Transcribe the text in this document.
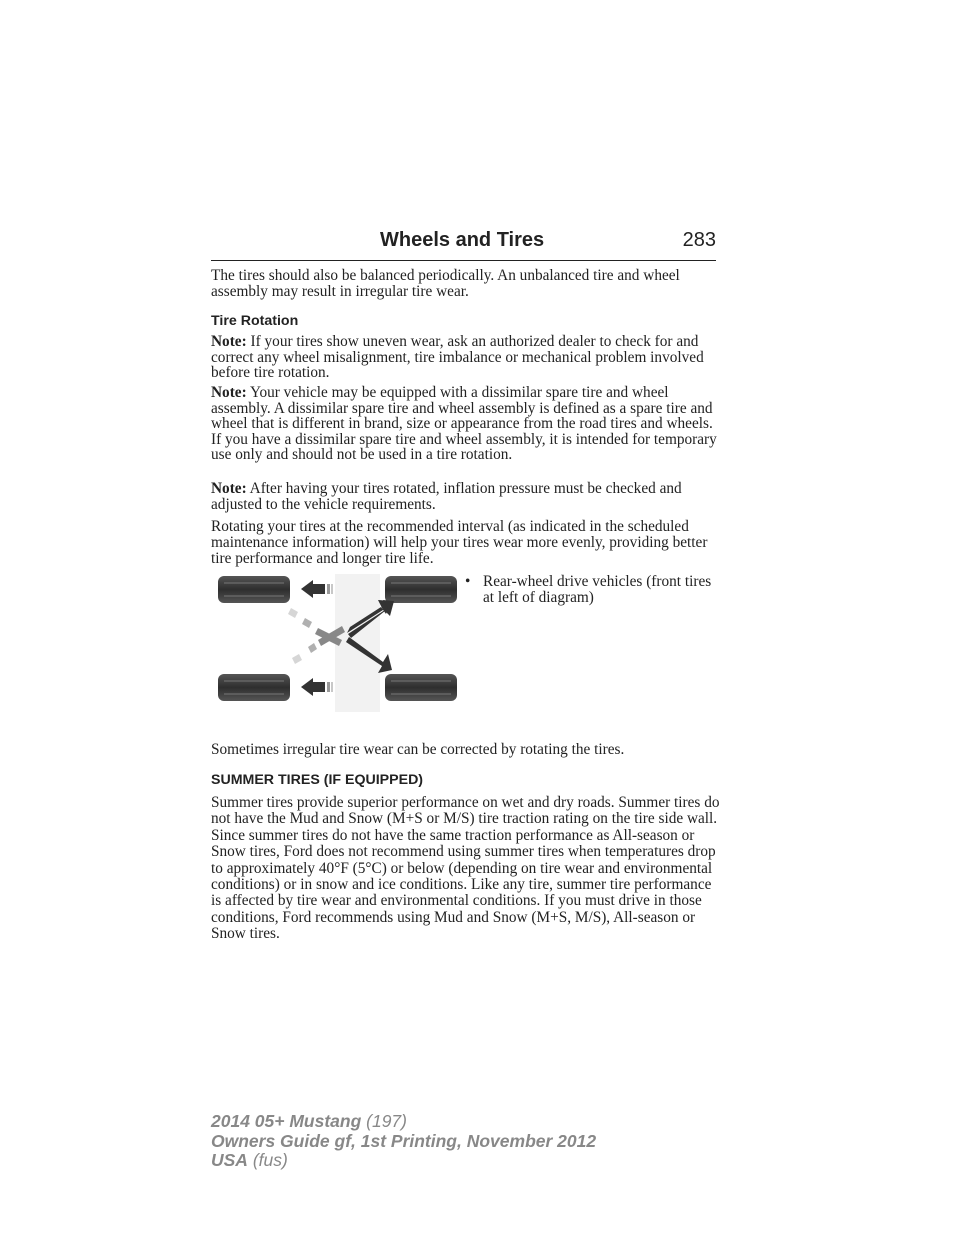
Wheels and Tires	283

The tires should also be balanced periodically. An unbalanced tire and wheel assembly may result in irregular tire wear.

Tire Rotation

Note: If your tires show uneven wear, ask an authorized dealer to check for and correct any wheel misalignment, tire imbalance or mechanical problem involved before tire rotation.

Note: Your vehicle may be equipped with a dissimilar spare tire and wheel assembly. A dissimilar spare tire and wheel assembly is defined as a spare tire and wheel that is different in brand, size or appearance from the road tires and wheels. If you have a dissimilar spare tire and wheel assembly, it is intended for temporary use only and should not be used in a tire rotation.

Note: After having your tires rotated, inflation pressure must be checked and adjusted to the vehicle requirements.

Rotating your tires at the recommended interval (as indicated in the scheduled maintenance information) will help your tires wear more evenly, providing better tire performance and longer tire life.

• Rear-wheel drive vehicles (front tires at left of diagram)

Sometimes irregular tire wear can be corrected by rotating the tires.

SUMMER TIRES (IF EQUIPPED)

Summer tires provide superior performance on wet and dry roads. Summer tires do not have the Mud and Snow (M+S or M/S) tire traction rating on the tire side wall. Since summer tires do not have the same traction performance as All-season or Snow tires, Ford does not recommend using summer tires when temperatures drop to approximately 40°F (5°C) or below (depending on tire wear and environmental conditions) or in snow and ice conditions. Like any tire, summer tire performance is affected by tire wear and environmental conditions. If you must drive in those conditions, Ford recommends using Mud and Snow (M+S, M/S), All-season or Snow tires.

2014 05+ Mustang (197)
Owners Guide gf, 1st Printing, November 2012
USA (fus)
